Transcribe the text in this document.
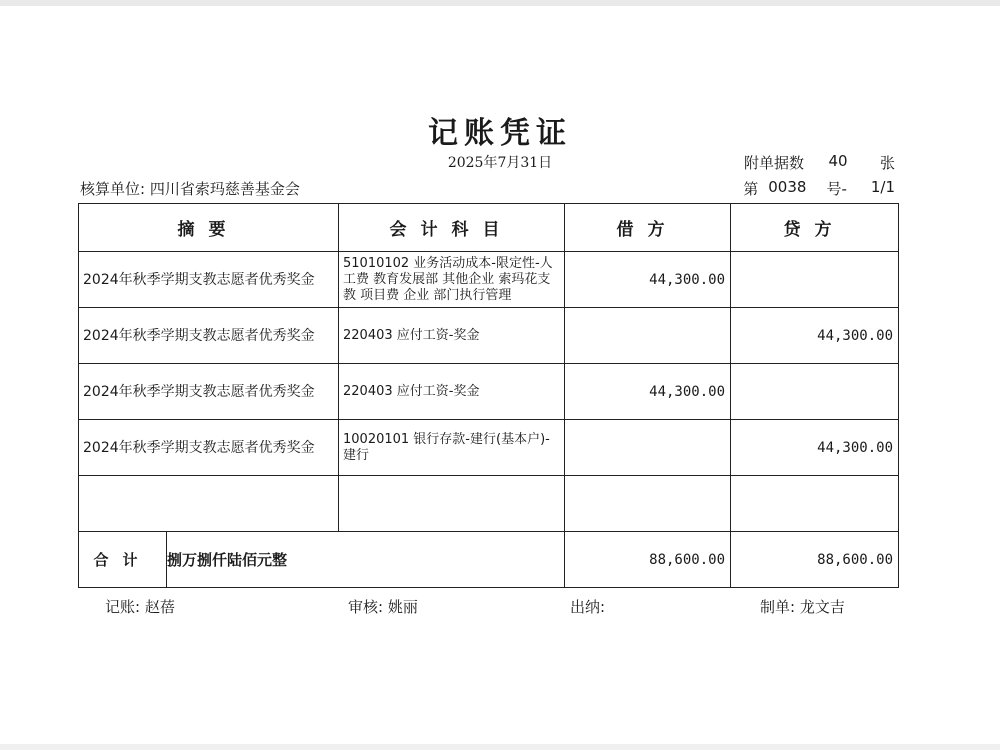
记账凭证
2025年7月31日	附单据数	40	张
核算单位: 四川省索玛慈善基金会	第 0038 号- 1/1
摘要		会计科目	借方	贷方
2024年秋季学期支教志愿者优秀奖金		51010102 业务活动成本-限定性-人工费 教育发展部 其他企业 索玛花支教 项目费 企业 部门执行管理	44,300.00	
2024年秋季学期支教志愿者优秀奖金		220403 应付工资-奖金		44,300.00
2024年秋季学期支教志愿者优秀奖金		220403 应付工资-奖金	44,300.00	
2024年秋季学期支教志愿者优秀奖金		10020101 银行存款-建行(基本户)-建行		44,300.00

合计	捌万捌仟陆佰元整		88,600.00	88,600.00
记账: 赵蓓	审核: 姚丽	出纳:	制单: 龙文吉
